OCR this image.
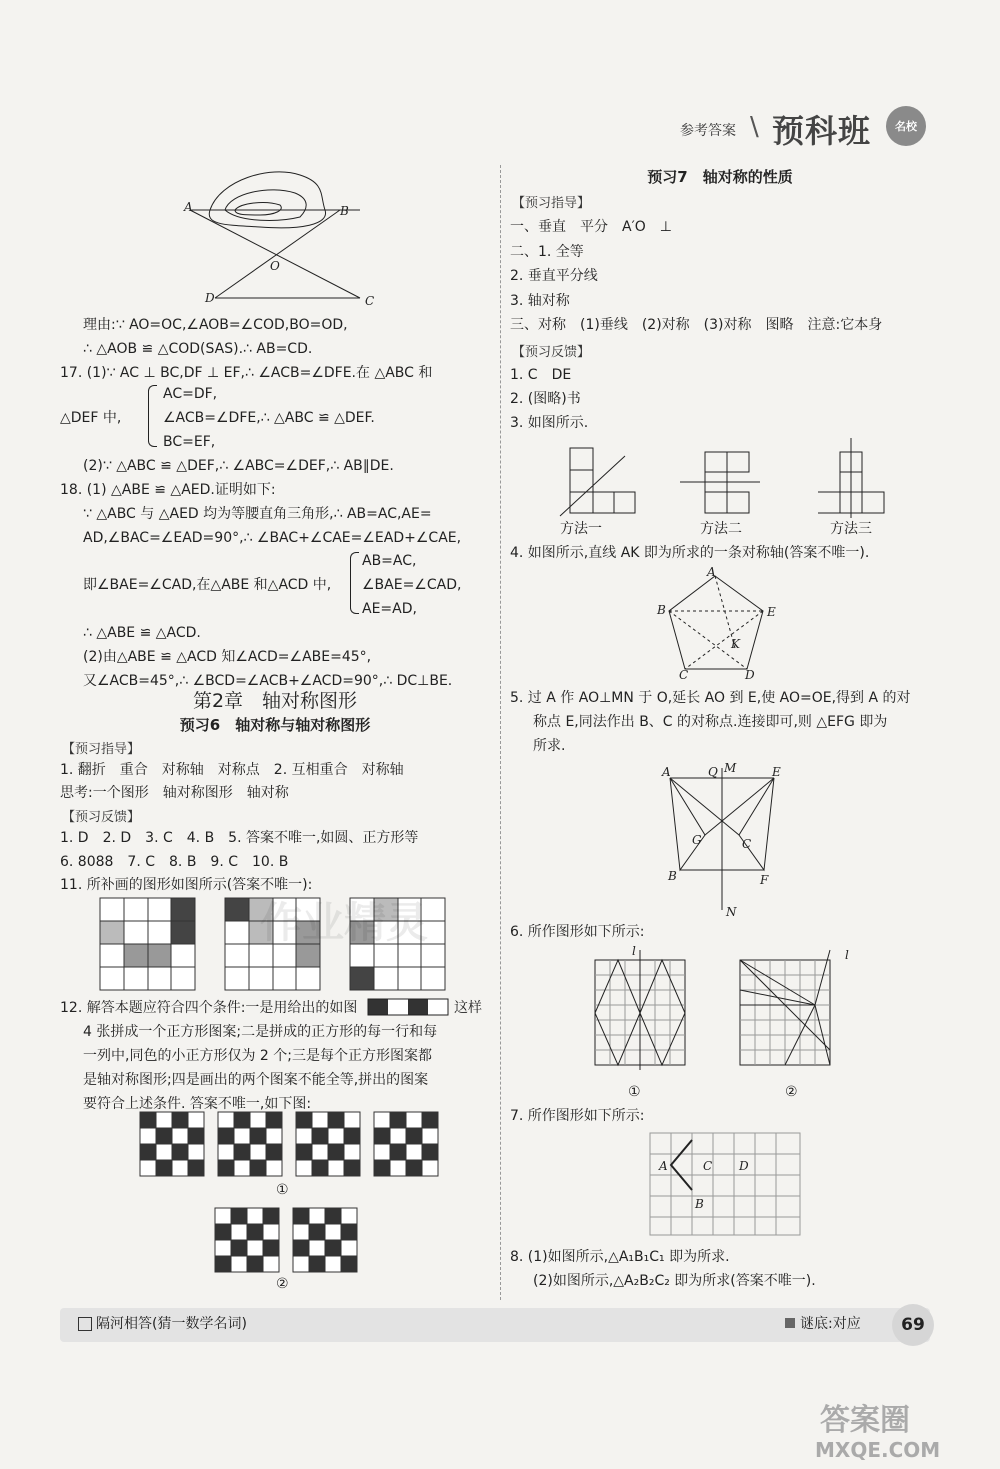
参考答案 \ 预科班	名校
A	B
O
D	C
理由:∵ AO=OC,∠AOB=∠COD,BO=OD,
∴ △AOB ≌ △COD(SAS).∴ AB=CD.
17. (1)∵ AC ⊥ BC,DF ⊥ EF,∴ ∠ACB=∠DFE.在 △ABC 和
△DEF 中,
AC=DF,
∠ACB=∠DFE,∴ △ABC ≌ △DEF.
BC=EF,
(2)∵ △ABC ≌ △DEF,∴ ∠ABC=∠DEF,∴ AB∥DE.
18. (1) △ABE ≌ △AED.证明如下:
∵ △ABC 与 △AED 均为等腰直角三角形,∴ AB=AC,AE=
AD,∠BAC=∠EAD=90°,∴ ∠BAC+∠CAE=∠EAD+∠CAE,
AB=AC,
即∠BAE=∠CAD,在△ABE 和△ACD 中, ∠BAE=∠CAD,
AE=AD,
∴ △ABE ≌ △ACD.
(2)由△ABE ≌ △ACD 知∠ACD=∠ABE=45°,
又∠ACB=45°,∴ ∠BCD=∠ACB+∠ACD=90°,∴ DC⊥BE.
第2章　轴对称图形
预习6　轴对称与轴对称图形
【预习指导】
1. 翻折　重合　对称轴　对称点　2. 互相重合　对称轴
思考:一个图形　轴对称图形　轴对称
【预习反馈】
1. D　2. D　3. C　4. B　5. 答案不唯一,如圆、正方形等
6. 8088　7. C　8. B　9. C　10. B
11. 所补画的图形如图所示(答案不唯一):
12. 解答本题应符合四个条件:一是用给出的如图	这样
4 张拼成一个正方形图案;二是拼成的正方形的每一行和每
一列中,同色的小正方形仅为 2 个;三是每个正方形图案都
是轴对称图形;四是画出的两个图案不能全等,拼出的图案
要符合上述条件. 答案不唯一,如下图:
①
②
作业精灵
预习7　轴对称的性质
【预习指导】
一、垂直　平分　A′O　⊥
二、1. 全等
2. 垂直平分线
3. 轴对称
三、对称　(1)垂线　(2)对称　(3)对称　图略　注意:它本身
【预习反馈】
1. C　DE
2. (图略)书
3. 如图所示.
方法一	方法二	方法三
4. 如图所示,直线 AK 即为所求的一条对称轴(答案不唯一).
A
B	E
K
C	D
5. 过 A 作 AO⊥MN 于 O,延长 AO 到 E,使 AO=OE,得到 A 的对
称点 E,同法作出 B、C 的对称点.连接即可,则 △EFG 即为
所求.
A	Q M	E
G	C
B	F
N
6. 所作图形如下所示:
l	l
①	②
7. 所作图形如下所示:
A	C D
B
8. (1)如图所示,△A₁B₁C₁ 即为所求.
(2)如图所示,△A₂B₂C₂ 即为所求(答案不唯一).
隔河相答(猜一数学名词)	谜底:对应	69
答案圈
MXQE.COM
